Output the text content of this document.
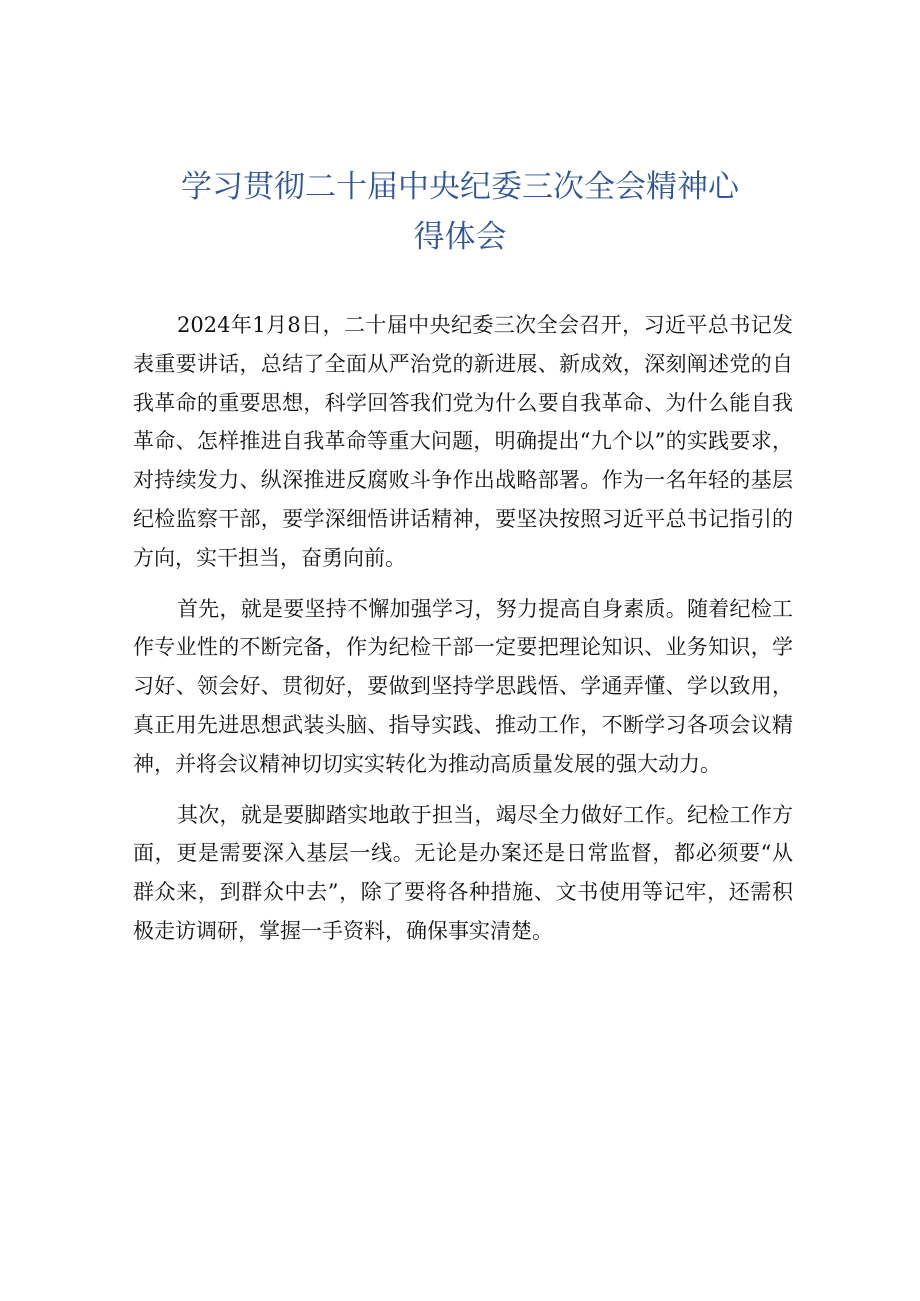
学习贯彻二十届中央纪委三次全会精神心
得体会

2024年1月8日，二十届中央纪委三次全会召开，习近平总书记发表重要讲话，总结了全面从严治党的新进展、新成效，深刻阐述党的自我革命的重要思想，科学回答我们党为什么要自我革命、为什么能自我革命、怎样推进自我革命等重大问题，明确提出“九个以”的实践要求，对持续发力、纵深推进反腐败斗争作出战略部署。作为一名年轻的基层纪检监察干部，要学深细悟讲话精神，要坚决按照习近平总书记指引的方向，实干担当，奋勇向前。

首先，就是要坚持不懈加强学习，努力提高自身素质。随着纪检工作专业性的不断完备，作为纪检干部一定要把理论知识、业务知识，学习好、领会好、贯彻好，要做到坚持学思践悟、学通弄懂、学以致用，真正用先进思想武装头脑、指导实践、推动工作，不断学习各项会议精神，并将会议精神切切实实转化为推动高质量发展的强大动力。

其次，就是要脚踏实地敢于担当，竭尽全力做好工作。纪检工作方面，更是需要深入基层一线。无论是办案还是日常监督，都必须要“从群众来，到群众中去”，除了要将各种措施、文书使用等记牢，还需积极走访调研，掌握一手资料，确保事实清楚。
